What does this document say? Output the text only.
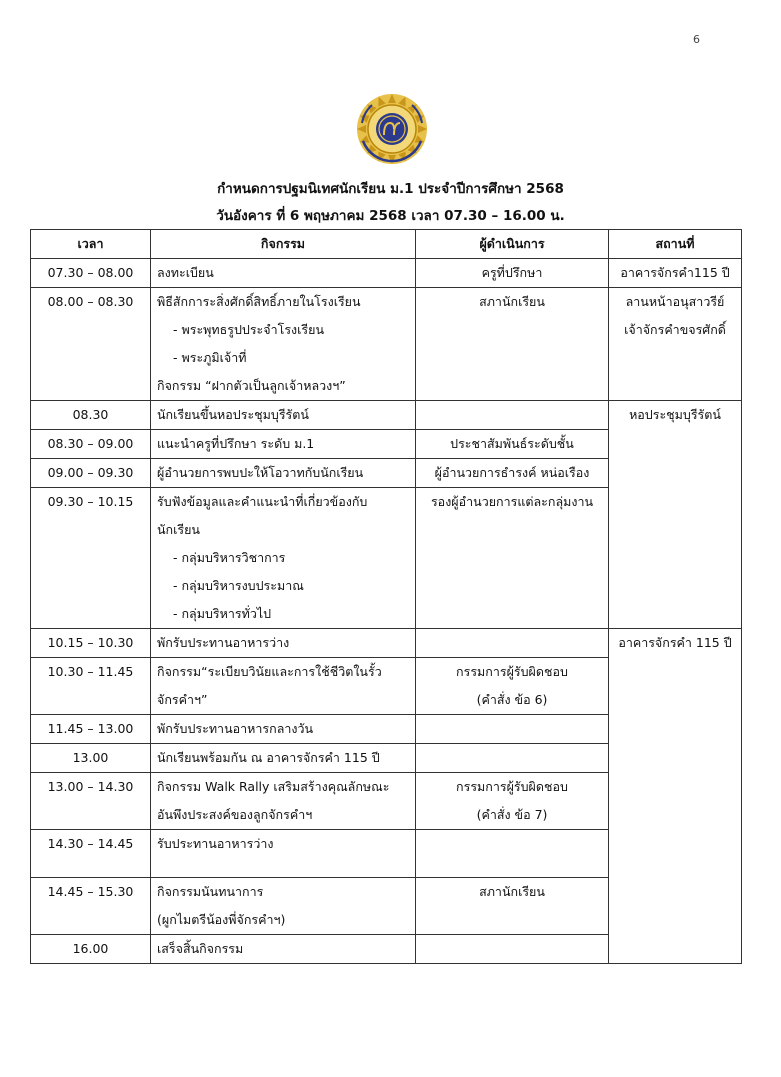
6
กำหนดการปฐมนิเทศนักเรียน ม.1 ประจำปีการศึกษา 2568
วันอังคาร ที่ 6 พฤษภาคม 2568 เวลา 07.30 – 16.00 น.
เวลา	กิจกรรม	ผู้ดำเนินการ	สถานที่
07.30 – 08.00	ลงทะเบียน	ครูที่ปรึกษา	อาคารจักรคำ115 ปี
08.00 – 08.30	พิธีสักการะสิ่งศักดิ์สิทธิ์ภายในโรงเรียน
- พระพุทธรูปประจำโรงเรียน
- พระภูมิเจ้าที่
กิจกรรม “ฝากตัวเป็นลูกเจ้าหลวงฯ”	สภานักเรียน	ลานหน้าอนุสาวรีย์
เจ้าจักรคำขจรศักดิ์

08.30	นักเรียนขึ้นหอประชุมบุรีรัตน์		หอประชุมบุรีรัตน์
08.30 – 09.00	แนะนำครูที่ปรึกษา ระดับ ม.1	ประชาสัมพันธ์ระดับชั้น	

09.00 – 09.30	ผู้อำนวยการพบปะให้โอวาทกับนักเรียน	ผู้อำนวยการธำรงค์ หน่อเรือง	

09.30 – 10.15	รับฟังข้อมูลและคำแนะนำที่เกี่ยวข้องกับ
นักเรียน
- กลุ่มบริหารวิชาการ
- กลุ่มบริหารงบประมาณ
- กลุ่มบริหารทั่วไป	รองผู้อำนวยการแต่ละกลุ่มงาน	

10.15 – 10.30	พักรับประทานอาหารว่าง		อาคารจักรคำ 115 ปี
10.30 – 11.45	กิจกรรม“ระเบียบวินัยและการใช้ชีวิตในรั้ว
จักรคำฯ”	กรรมการผู้รับผิดชอบ
(คำสั่ง ข้อ 6)	

11.45 – 13.00	พักรับประทานอาหารกลางวัน		

13.00	นักเรียนพร้อมกัน ณ อาคารจักรคำ 115 ปี		

13.00 – 14.30	กิจกรรม Walk Rally เสริมสร้างคุณลักษณะ
อันพึงประสงค์ของลูกจักรคำฯ	กรรมการผู้รับผิดชอบ
(คำสั่ง ข้อ 7)	

14.30 – 14.45	รับประทานอาหารว่าง		

14.45 – 15.30	กิจกรรมนันทนาการ
(ผูกไมตรีน้องพี่จักรคำฯ)	สภานักเรียน	

16.00	เสร็จสิ้นกิจกรรม		
